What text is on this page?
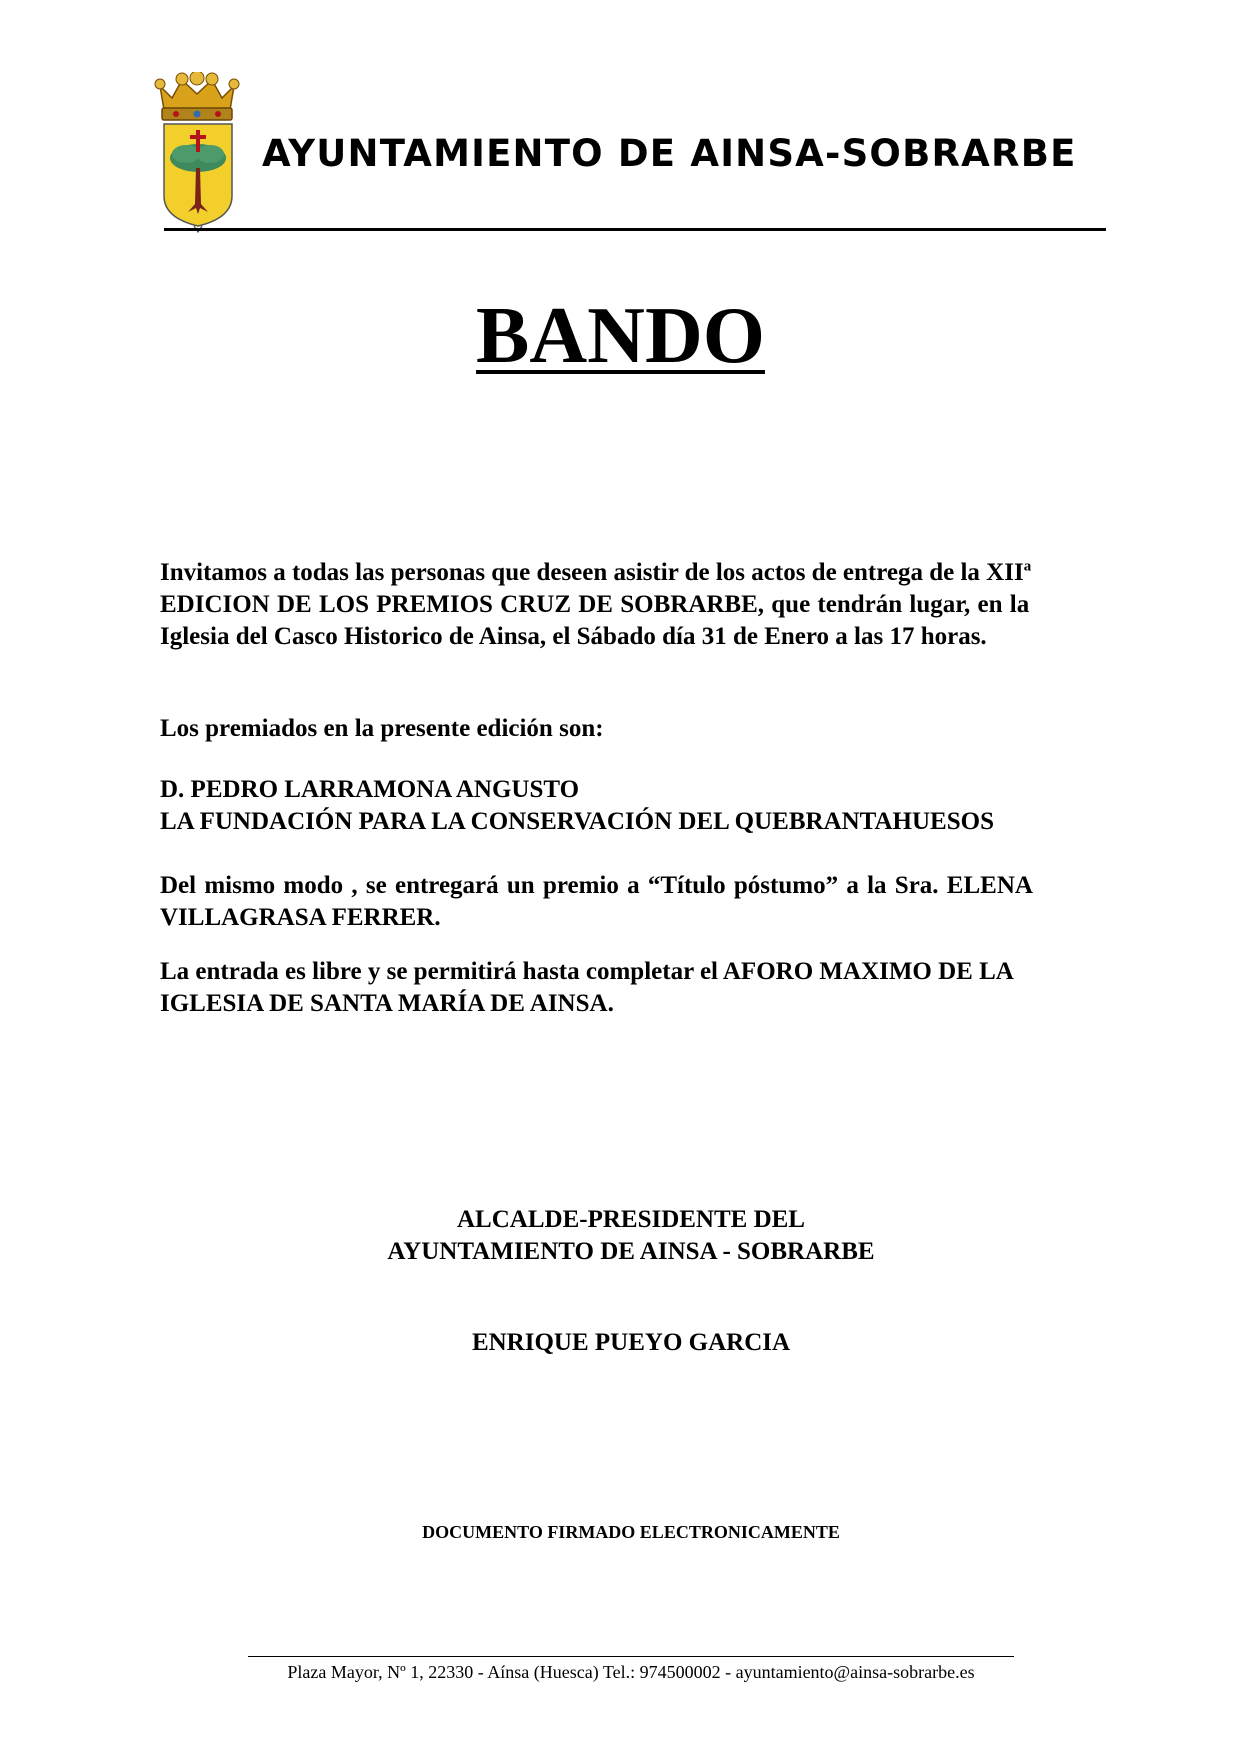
AYUNTAMIENTO DE AINSA-SOBRARBE
BANDO
Invitamos a todas las personas que deseen asistir de los actos de entrega de la XII$^a$
EDICION DE LOS PREMIOS CRUZ DE SOBRARBE, que tendrán lugar, en la
Iglesia del Casco Historico de Ainsa, el Sábado día 31 de Enero a las 17 horas.
Los premiados en la presente edición son:
D. PEDRO LARRAMONA ANGUSTO
LA FUNDACIÓN PARA LA CONSERVACIÓN DEL QUEBRANTAHUESOS
Del mismo modo , se entregará un premio a “Título póstumo” a la Sra. ELENA
VILLAGRASA FERRER.
La entrada es libre y se permitirá hasta completar el AFORO MAXIMO DE LA
IGLESIA DE SANTA MARÍA DE AINSA.
ALCALDE-PRESIDENTE DEL
AYUNTAMIENTO DE AINSA - SOBRARBE
ENRIQUE PUEYO GARCIA
DOCUMENTO FIRMADO ELECTRONICAMENTE
Plaza Mayor, Nº 1, 22330 - Aínsa (Huesca) Tel.: 974500002 - ayuntamiento@ainsa-sobrarbe.es
